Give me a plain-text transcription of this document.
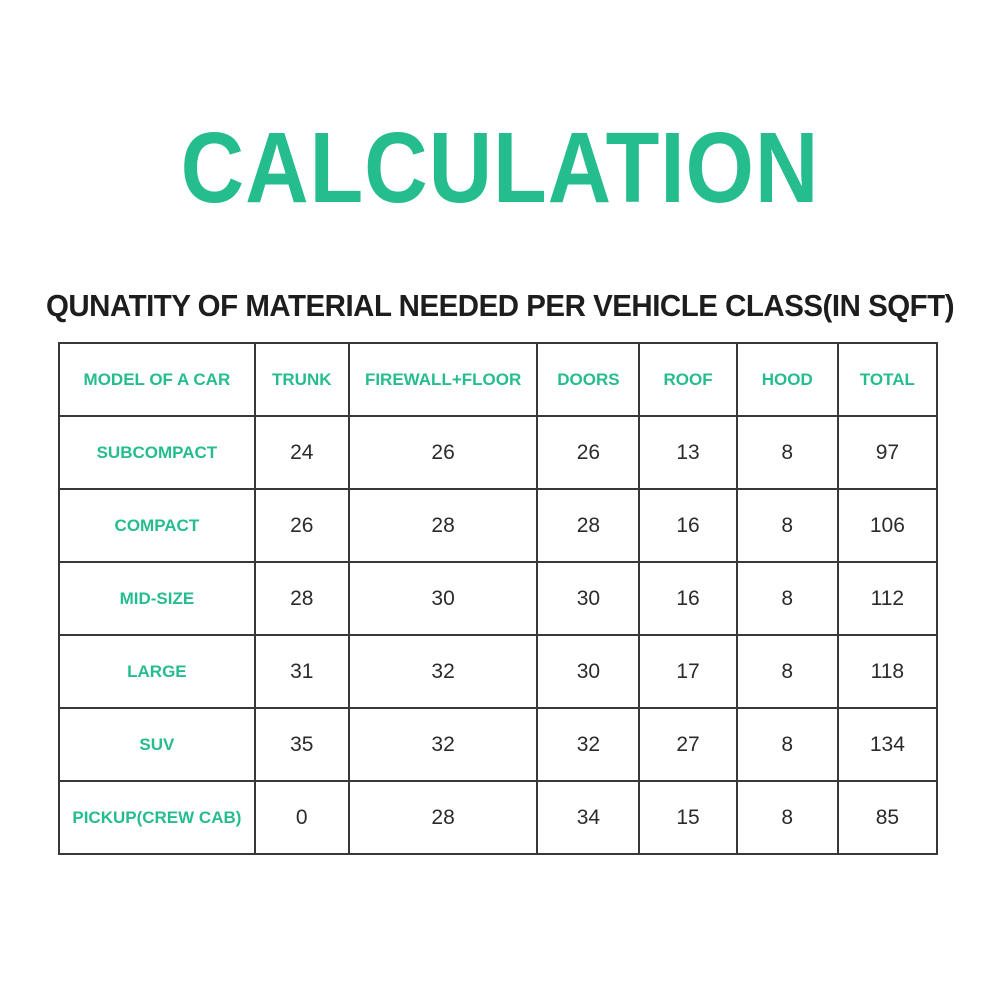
CALCULATION
QUNATITY OF MATERIAL NEEDED PER VEHICLE CLASS(IN SQFT)
MODEL OF A CAR	TRUNK	FIREWALL+FLOOR	DOORS	ROOF	HOOD	TOTAL
SUBCOMPACT	24	26	26	13	8	97
COMPACT	26	28	28	16	8	106
MID-SIZE	28	30	30	16	8	112
LARGE	31	32	30	17	8	118
SUV	35	32	32	27	8	134
PICKUP(CREW CAB)	0	28	34	15	8	85
